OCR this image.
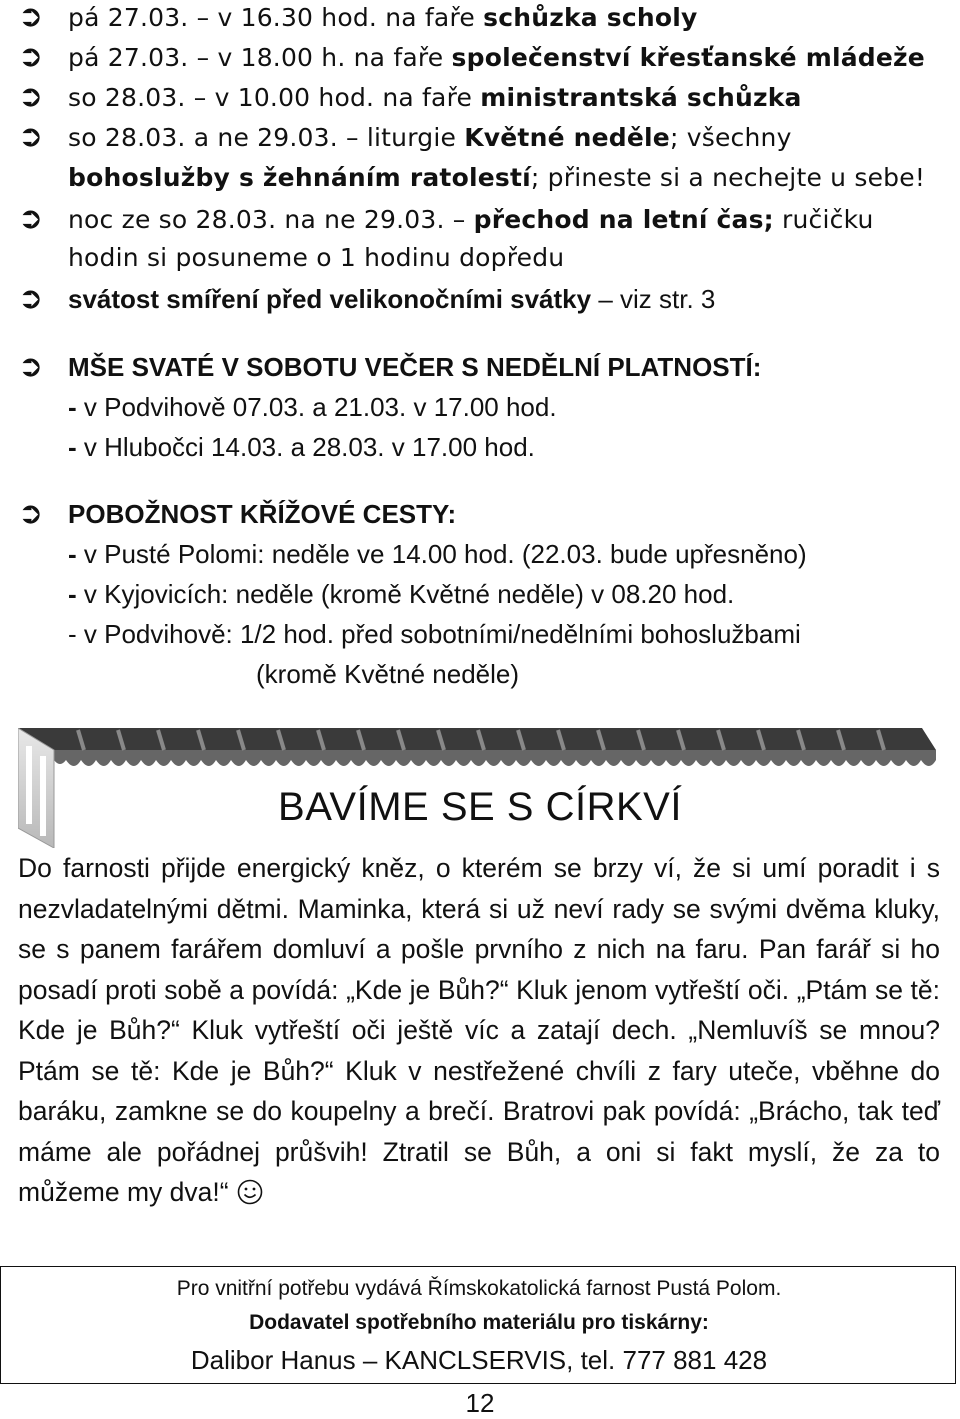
➲ pá 27.03. – v 16.30 hod. na faře schůzka scholy
➲ pá 27.03. – v 18.00 h. na faře společenství křesťanské mládeže
➲ so 28.03. – v 10.00 hod. na faře ministrantská schůzka
➲ so 28.03. a ne 29.03. – liturgie Květné neděle; všechny
bohoslužby s žehnáním ratolestí; přineste si a nechejte u sebe!
➲ noc ze so 28.03. na ne 29.03. – přechod na letní čas; ručičku
hodin si posuneme o 1 hodinu dopředu
➲ svátost smíření před velikonočními svátky – viz str. 3
➲ MŠE SVATÉ V SOBOTU VEČER S NEDĚLNÍ PLATNOSTÍ:
- v Podvihově 07.03. a 21.03. v 17.00 hod.
- v Hlubočci 14.03. a 28.03. v 17.00 hod.
➲ POBOŽNOST KŘÍŽOVÉ CESTY:
- v Pusté Polomi: neděle ve 14.00 hod. (22.03. bude upřesněno)
- v Kyjovicích: neděle (kromě Květné neděle) v 08.20 hod.
- v Podvihově: 1/2 hod. před sobotními/nedělními bohoslužbami
(kromě Květné neděle)
BAVÍME SE S CÍRKVÍ
Do farnosti přijde energický kněz, o kterém se brzy ví, že si umí poradit i s nezvladatelnými dětmi. Maminka, která si už neví rady se svými dvěma kluky, se s panem farářem domluví a pošle prvního z nich na faru. Pan farář si ho posadí proti sobě a povídá: „Kde je Bůh?“ Kluk jenom vytřeští oči. „Ptám se tě: Kde je Bůh?“ Kluk vytřeští oči ještě víc a zatají dech. „Nemluvíš se mnou? Ptám se tě: Kde je Bůh?“ Kluk v nestřežené chvíli z fary uteče, vběhne do baráku, zamkne se do koupelny a brečí. Bratrovi pak povídá: „Brácho, tak teď máme ale pořádnej průšvih! Ztratil se Bůh, a oni si fakt myslí, že za to můžeme my dva!“
Pro vnitřní potřebu vydává Římskokatolická farnost Pustá Polom.
Dodavatel spotřebního materiálu pro tiskárny:
Dalibor Hanus – KANCLSERVIS, tel. 777 881 428
12
